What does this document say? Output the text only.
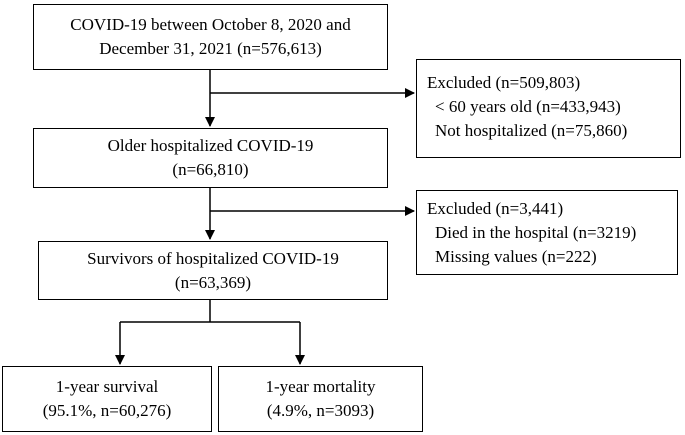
COVID-19 between October 8, 2020 and
December 31, 2021 (n=576,613)
Excluded (n=509,803)
< 60 years old (n=433,943)
Not hospitalized (n=75,860)
Older hospitalized COVID-19
(n=66,810)
Excluded (n=3,441)
Died in the hospital (n=3219)
Missing values (n=222)
Survivors of hospitalized COVID-19
(n=63,369)
1-year survival
(95.1%, n=60,276)
1-year mortality
(4.9%, n=3093)
